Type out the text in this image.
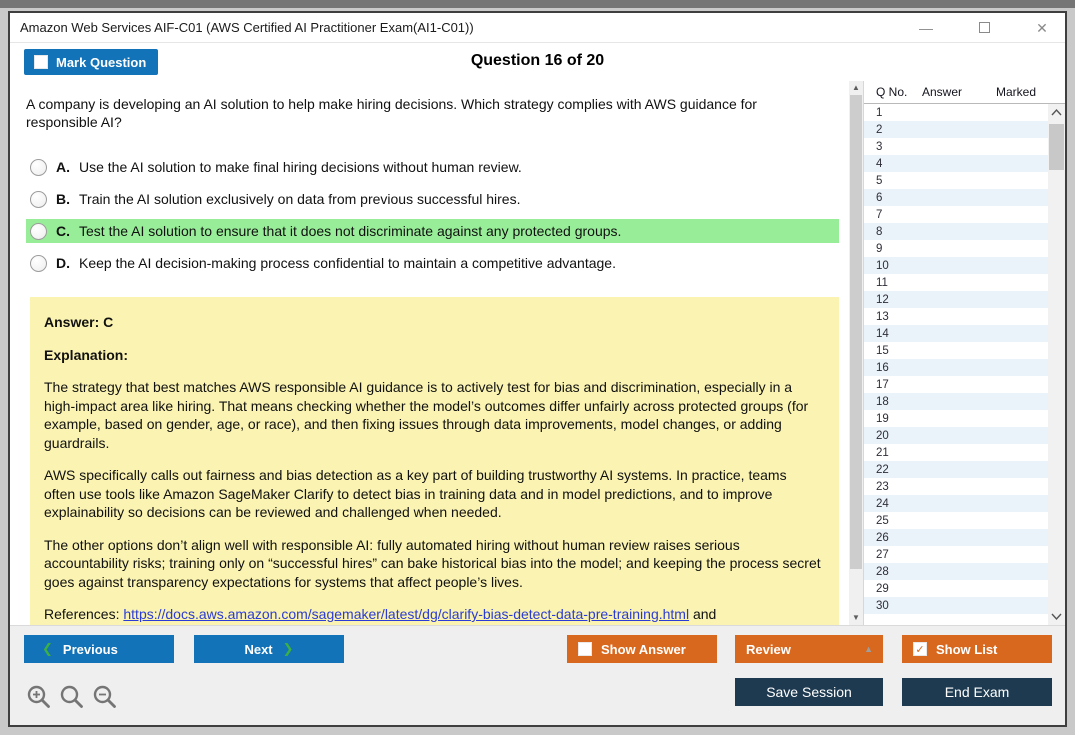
Amazon Web Services AIF-C01 (AWS Certified AI Practitioner Exam(AI1-C01))	—	✕
Mark Question	Question 16 of 20
A company is developing an AI solution to help make hiring decisions. Which strategy complies with AWS guidance for responsible AI?
A. Use the AI solution to make final hiring decisions without human review.
B. Train the AI solution exclusively on data from previous successful hires.
C. Test the AI solution to ensure that it does not discriminate against any protected groups.
D. Keep the AI decision-making process confidential to maintain a competitive advantage.

Answer: C

Explanation:

The strategy that best matches AWS responsible AI guidance is to actively test for bias and discrimination, especially in a high-impact area like hiring. That means checking whether the model’s outcomes differ unfairly across protected groups (for example, based on gender, age, or race), and then fixing issues through data improvements, model changes, or adding guardrails.

AWS specifically calls out fairness and bias detection as a key part of building trustworthy AI systems. In practice, teams often use tools like Amazon SageMaker Clarify to detect bias in training data and in model predictions, and to improve explainability so decisions can be reviewed and challenged when needed.

The other options don’t align well with responsible AI: fully automated hiring without human review raises serious accountability risks; training only on “successful hires” can bake historical bias into the model; and keeping the process secret goes against transparency expectations for systems that affect people’s lives.

References: https://docs.aws.amazon.com/sagemaker/latest/dg/clarify-bias-detect-data-pre-training.html and

▲
▼
Q No.	Answer	Marked
1
2
3
4
5
6
7
8
9
10
11
12
13
14
15
16
17
18
19
20
21
22
23
24
25
26
27
28
29
30
❮ Previous	Next ❯	Show Answer	Review	▲	✓ Show List
Save Session	End Exam
